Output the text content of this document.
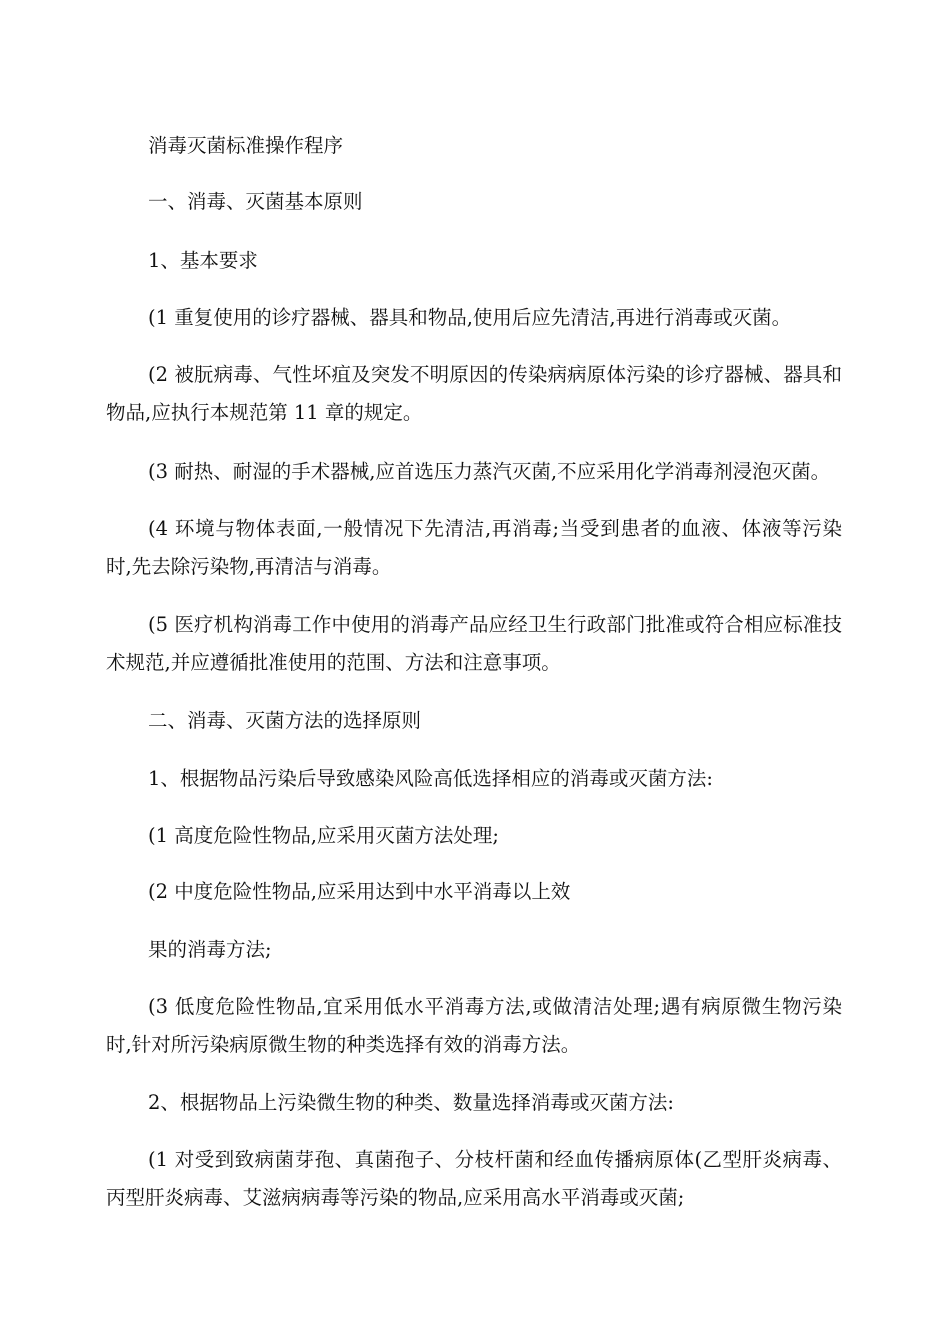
消毒灭菌标准操作程序

一、消毒、灭菌基本原则

1、基本要求

(1 重复使用的诊疗器械、器具和物品,使用后应先清洁,再进行消毒或灭菌。

(2 被朊病毒、气性坏疽及突发不明原因的传染病病原体污染的诊疗器械、器具和物品,应执行本规范第 11 章的规定。

(3 耐热、耐湿的手术器械,应首选压力蒸汽灭菌,不应采用化学消毒剂浸泡灭菌。

(4 环境与物体表面,一般情况下先清洁,再消毒;当受到患者的血液、体液等污染时,先去除污染物,再清洁与消毒。

(5 医疗机构消毒工作中使用的消毒产品应经卫生行政部门批准或符合相应标准技术规范,并应遵循批准使用的范围、方法和注意事项。

二、消毒、灭菌方法的选择原则

1、根据物品污染后导致感染风险高低选择相应的消毒或灭菌方法:

(1 高度危险性物品,应采用灭菌方法处理;

(2 中度危险性物品,应采用达到中水平消毒以上效

果的消毒方法;

(3 低度危险性物品,宜采用低水平消毒方法,或做清洁处理;遇有病原微生物污染时,针对所污染病原微生物的种类选择有效的消毒方法。

2、根据物品上污染微生物的种类、数量选择消毒或灭菌方法:

(1 对受到致病菌芽孢、真菌孢子、分枝杆菌和经血传播病原体(乙型肝炎病毒、丙型肝炎病毒、艾滋病病毒等污染的物品,应采用高水平消毒或灭菌;
